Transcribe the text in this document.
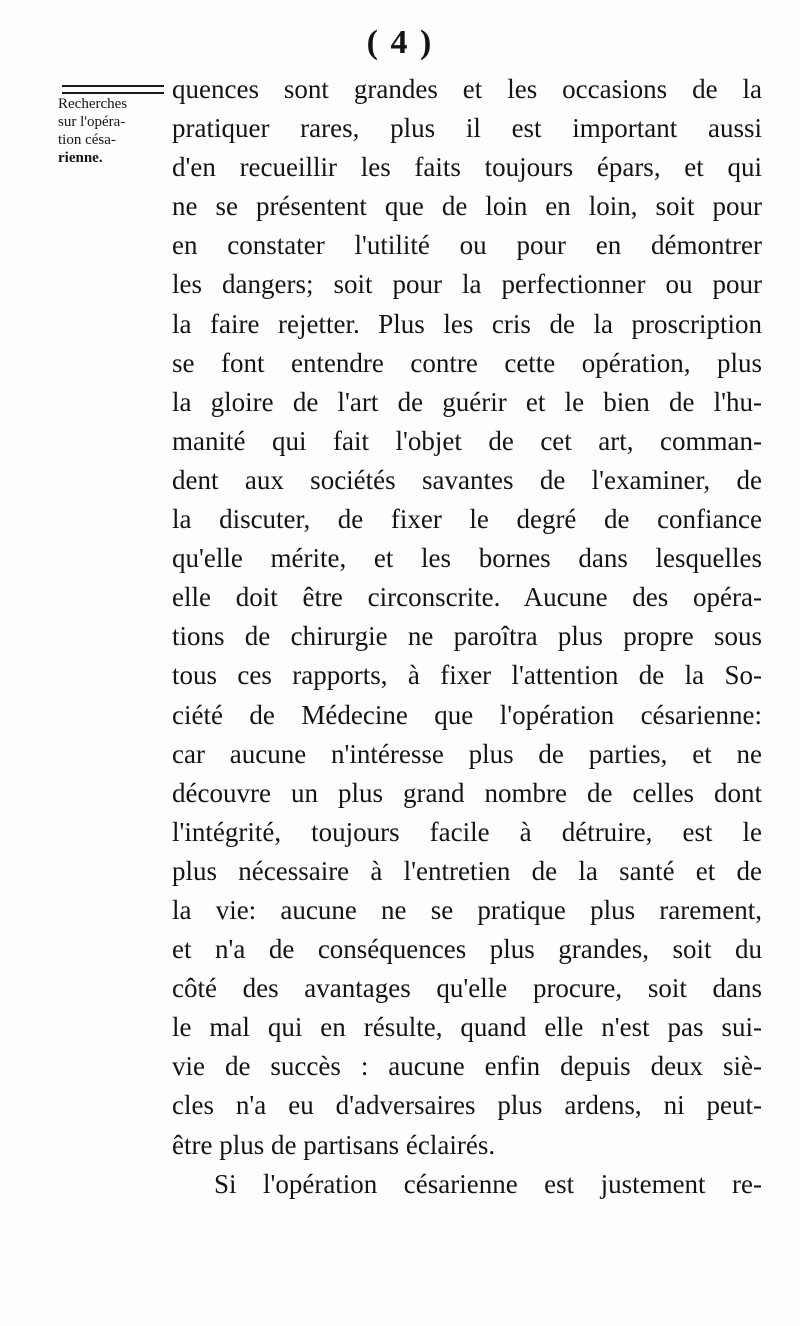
( 4 )
Recherches
sur l'opéra-
tion césa-
rienne.
quences sont grandes et les occasions de la
pratiquer rares, plus il est important aussi
d'en recueillir les faits toujours épars, et qui
ne se présentent que de loin en loin, soit pour
en constater l'utilité ou pour en démontrer
les dangers; soit pour la perfectionner ou pour
la faire rejetter. Plus les cris de la proscription
se font entendre contre cette opération, plus
la gloire de l'art de guérir et le bien de l'hu-
manité qui fait l'objet de cet art, comman-
dent aux sociétés savantes de l'examiner, de
la discuter, de fixer le degré de confiance
qu'elle mérite, et les bornes dans lesquelles
elle doit être circonscrite. Aucune des opéra-
tions de chirurgie ne paroîtra plus propre sous
tous ces rapports, à fixer l'attention de la So-
ciété de Médecine que l'opération césarienne:
car aucune n'intéresse plus de parties, et ne
découvre un plus grand nombre de celles dont
l'intégrité, toujours facile à détruire, est le
plus nécessaire à l'entretien de la santé et de
la vie: aucune ne se pratique plus rarement,
et n'a de conséquences plus grandes, soit du
côté des avantages qu'elle procure, soit dans
le mal qui en résulte, quand elle n'est pas sui-
vie de succès : aucune enfin depuis deux siè-
cles n'a eu d'adversaires plus ardens, ni peut-
être plus de partisans éclairés.
Si l'opération césarienne est justement re-
